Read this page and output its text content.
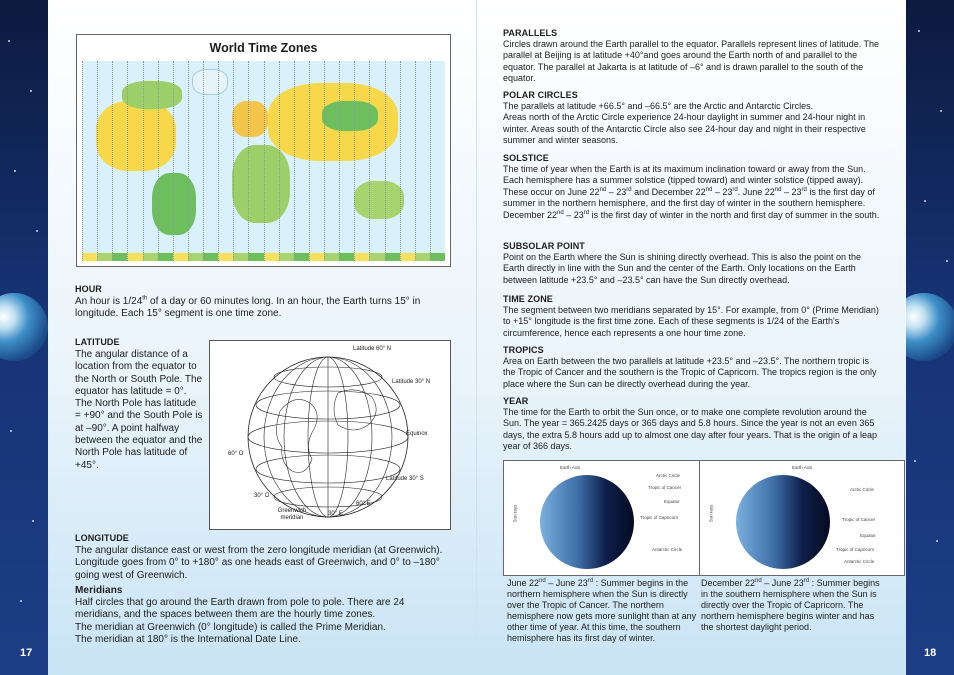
17	18
World Time Zones
HOUR

An hour is 1/24th of a day or 60 minutes long. In an hour, the Earth turns 15° in longitude. Each 15° segment is one time zone.

LATITUDE

The angular distance of a location from the equator to the North or South Pole. The equator has latitude = 0°. The North Pole has latitude = +90° and the South Pole is at –90°. A point halfway between the equator and the North Pole has latitude of +45°.

Latitude 60° N
Latitude 30° N
Equinox
60° O
Latitude 30° S
60° E
30° O
30° E
Greenwich meridian
LONGITUDE

The angular distance east or west from the zero longitude meridian (at Greenwich). Longitude goes from 0° to +180° as one heads east of Greenwich, and 0° to –180° going west of Greenwich.

Meridians

Half circles that go around the Earth drawn from pole to pole. There are 24 meridians, and the spaces between them are the hourly time zones.

The meridian at Greenwich (0° longitude) is called the Prime Meridian.

The meridian at 180° is the International Date Line.

PARALLELS

Circles drawn around the Earth parallel to the equator. Parallels represent lines of latitude. The parallel at Beijing is at latitude +40°and goes around the Earth north of and parallel to the equator. The parallel at Jakarta is at latitude of –6° and is drawn parallel to the south of the equator.

POLAR CIRCLES

The parallels at latitude +66.5° and –66.5° are the Arctic and Antarctic Circles.

Areas north of the Arctic Circle experience 24-hour daylight in summer and 24-hour night in winter. Areas south of the Antarctic Circle also see 24-hour day and night in their respective summer and winter seasons.

SOLSTICE

The time of year when the Earth is at its maximum inclination toward or away from the Sun. Each hemisphere has a summer solstice (tipped toward) and winter solstice (tipped away). These occur on June 22nd – 23rd and December 22nd – 23rd. June 22nd – 23rd is the first day of summer in the northern hemisphere, and the first day of winter in the southern hemisphere. December 22nd – 23rd is the first day of winter in the north and first day of summer in the south.

SUBSOLAR POINT

Point on the Earth where the Sun is shining directly overhead. This is also the point on the Earth directly in line with the Sun and the center of the Earth. Only locations on the Earth between latitude +23.5° and –23.5° can have the Sun directly overhead.

TIME ZONE

The segment between two meridians separated by 15°. For example, from 0° (Prime Meridian) to +15° longitude is the first time zone. Each of these segments is 1/24 of the Earth's circumference, hence each represents a one hour time zone.

TROPICS

Area on Earth between the two parallels at latitude +23.5° and –23.5°. The northern tropic is the Tropic of Cancer and the southern is the Tropic of Capricorn. The tropics region is the only place where the Sun can be directly overhead during the year.

YEAR

The time for the Earth to orbit the Sun once, or to make one complete revolution around the Sun. The year = 365.2425 days or 365 days and 5.8 hours. Since the year is not an even 365 days, the extra 5.8 hours add up to almost one day after four years. That is the origin of a leap year of 366 days.

Earth Axis
Arctic Circle
Tropic of Cancer
Equator
Tropic of Capricorn
Antarctic Circle
Sun rays
Earth Axis
Arctic Circle
Tropic of Cancer
Equator
Tropic of Capricorn
Antarctic Circle
Sun rays

June 22nd – June 23rd : Summer begins in the northern hemisphere when the Sun is directly over the Tropic of Cancer. The northern hemisphere now gets more sunlight than at any other time of year. At this time, the southern hemisphere has its first day of winter.

December 22nd – June 23rd : Summer begins in the southern hemisphere when the Sun is directly over the Tropic of Capricorn. The northern hemisphere begins winter and has the shortest daylight period.
